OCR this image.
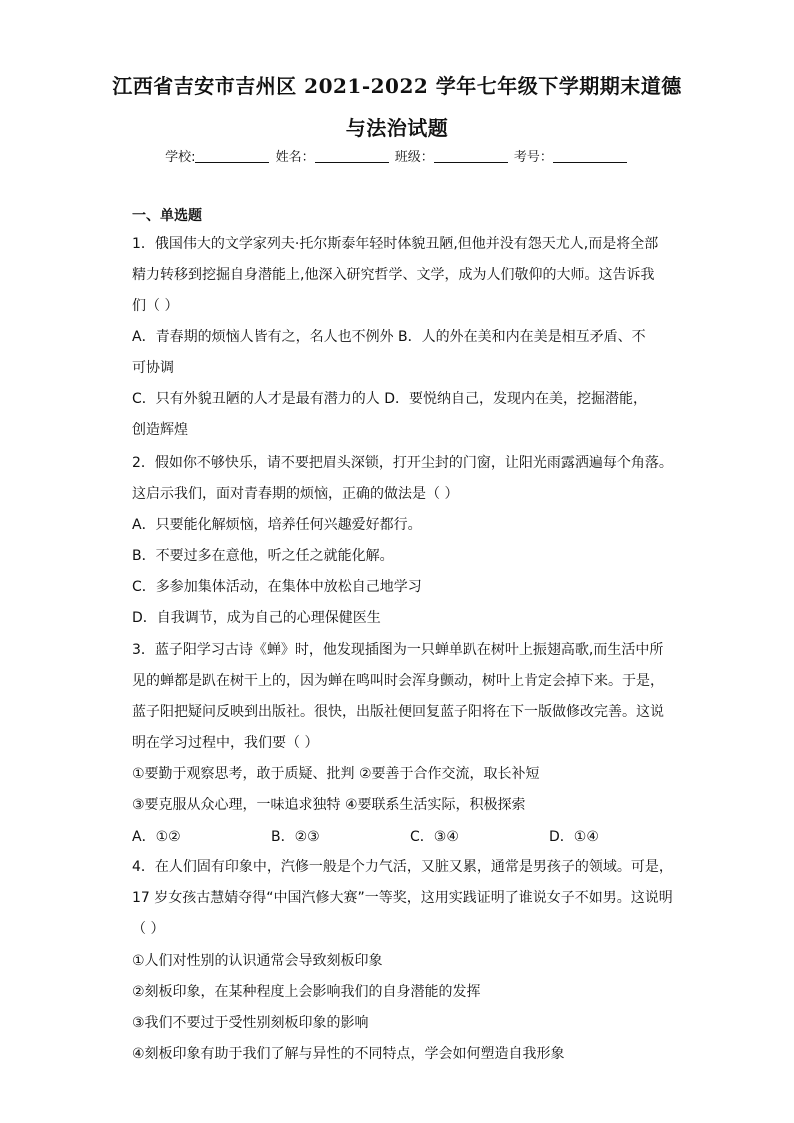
江西省吉安市吉州区 2021-2022 学年七年级下学期期末道德
与法治试题
学校:	姓名：	班级：	考号：
一、单选题
1．俄国伟大的文学家列夫·托尔斯泰年轻时体貌丑陋,但他并没有怨天尤人,而是将全部
精力转移到挖掘自身潜能上,他深入研究哲学、文学，成为人们敬仰的大师。这告诉我
们（ ）
A．青春期的烦恼人皆有之，名人也不例外 B．人的外在美和内在美是相互矛盾、不
可协调
C．只有外貌丑陋的人才是最有潜力的人 D．要悦纳自己，发现内在美，挖掘潜能，
创造辉煌
2．假如你不够快乐，请不要把眉头深锁，打开尘封的门窗，让阳光雨露洒遍每个角落。
这启示我们，面对青春期的烦恼，正确的做法是（ ）
A．只要能化解烦恼，培养任何兴趣爱好都行。
B．不要过多在意他，听之任之就能化解。
C．多参加集体活动，在集体中放松自己地学习
D．自我调节，成为自己的心理保健医生
3．蓝子阳学习古诗《蝉》时，他发现插图为一只蝉单趴在树叶上振翅高歌,而生活中所
见的蝉都是趴在树干上的，因为蝉在鸣叫时会浑身颤动，树叶上肯定会掉下来。于是，
蓝子阳把疑问反映到出版社。很快，出版社便回复蓝子阳将在下一版做修改完善。这说
明在学习过程中，我们要（ ）
①要勤于观察思考，敢于质疑、批判 ②要善于合作交流，取长补短
③要克服从众心理，一味追求独特 ④要联系生活实际，积极探索
A．①②	B．②③	C．③④	D．①④
4．在人们固有印象中，汽修一般是个力气活，又脏又累，通常是男孩子的领域。可是，
17 岁女孩古慧婧夺得“中国汽修大赛”一等奖，这用实践证明了谁说女子不如男。这说明
（ ）
①人们对性别的认识通常会导致刻板印象
②刻板印象，在某种程度上会影响我们的自身潜能的发挥
③我们不要过于受性别刻板印象的影响
④刻板印象有助于我们了解与异性的不同特点，学会如何塑造自我形象
